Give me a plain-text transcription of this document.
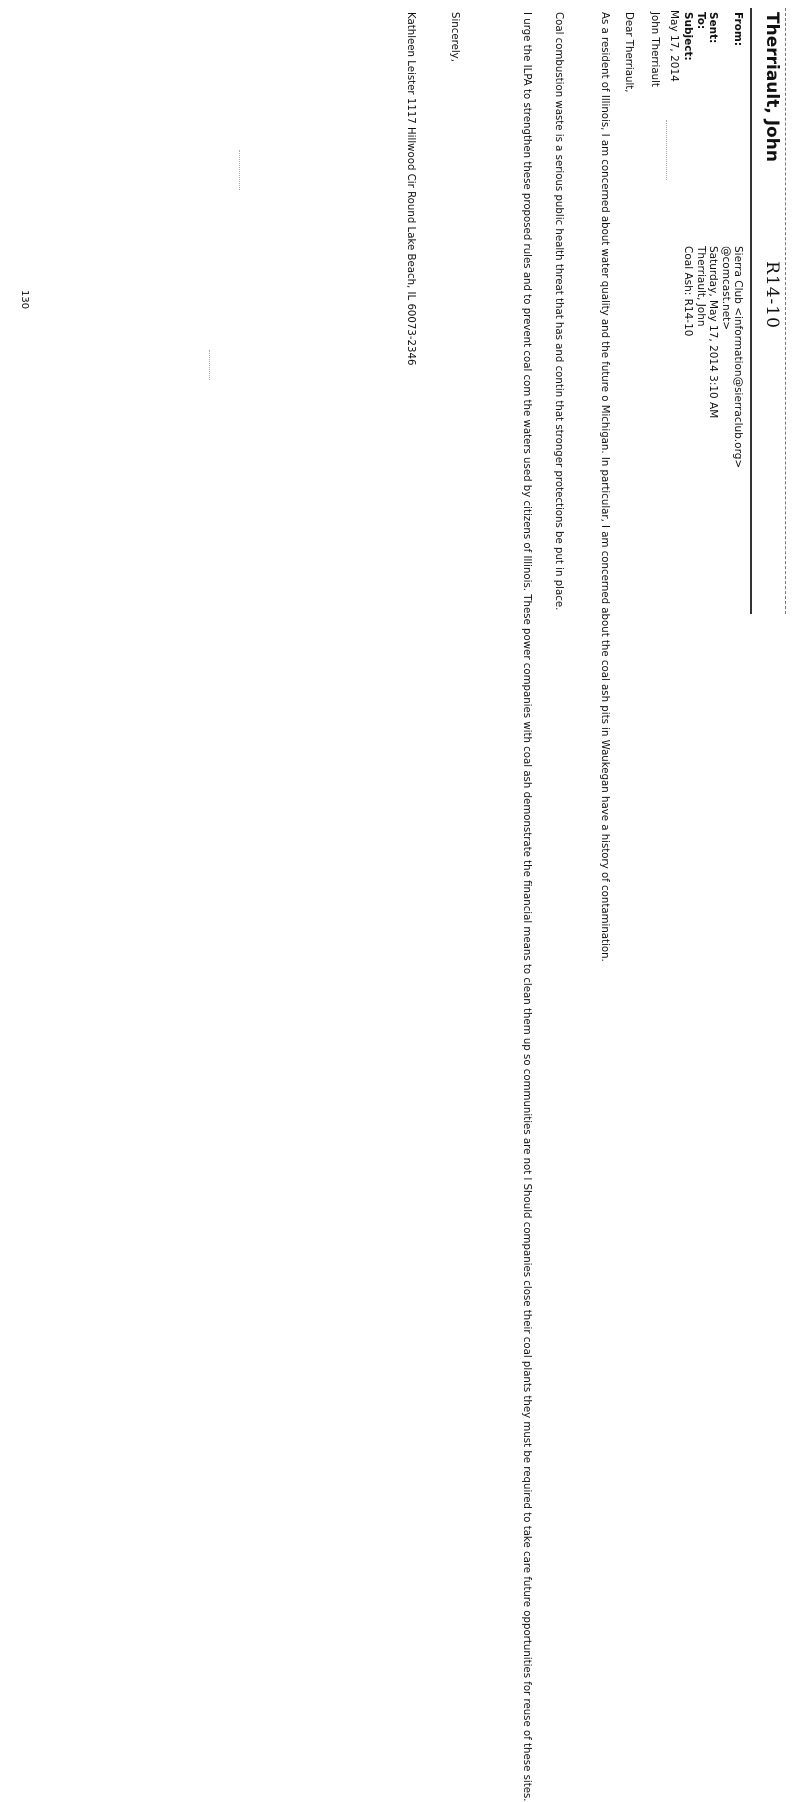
R14-10
Therriault, John
From:

Sent:
To:
Subject:
Sierra Club <information@sierraclub.org>
@comcast.net>
Saturday, May 17, 2014 3:10 AM
Therriault, John
Coal Ash: R14-10
May 17, 2014
John Therriault
Dear Therriault,
As a resident of Illinois, I am concerned about water quality and the future o Michigan. In particular, I am concerned about the coal ash pits in Waukegan have a history of contamination.
Coal combustion waste is a serious public health threat that has and contin that stronger protections be put in place.
I urge the ILPA to strengthen these proposed rules and to prevent coal com the waters used by citizens of Illinois. These power companies with coal ash demonstrate the financial means to clean them up so communities are not l Should companies close their coal plants they must be required to take care future opportunities for reuse of these sites.
Sincerely,
Kathleen Leister 1117 Hillwood Cir Round Lake Beach, IL 60073-2346
130
